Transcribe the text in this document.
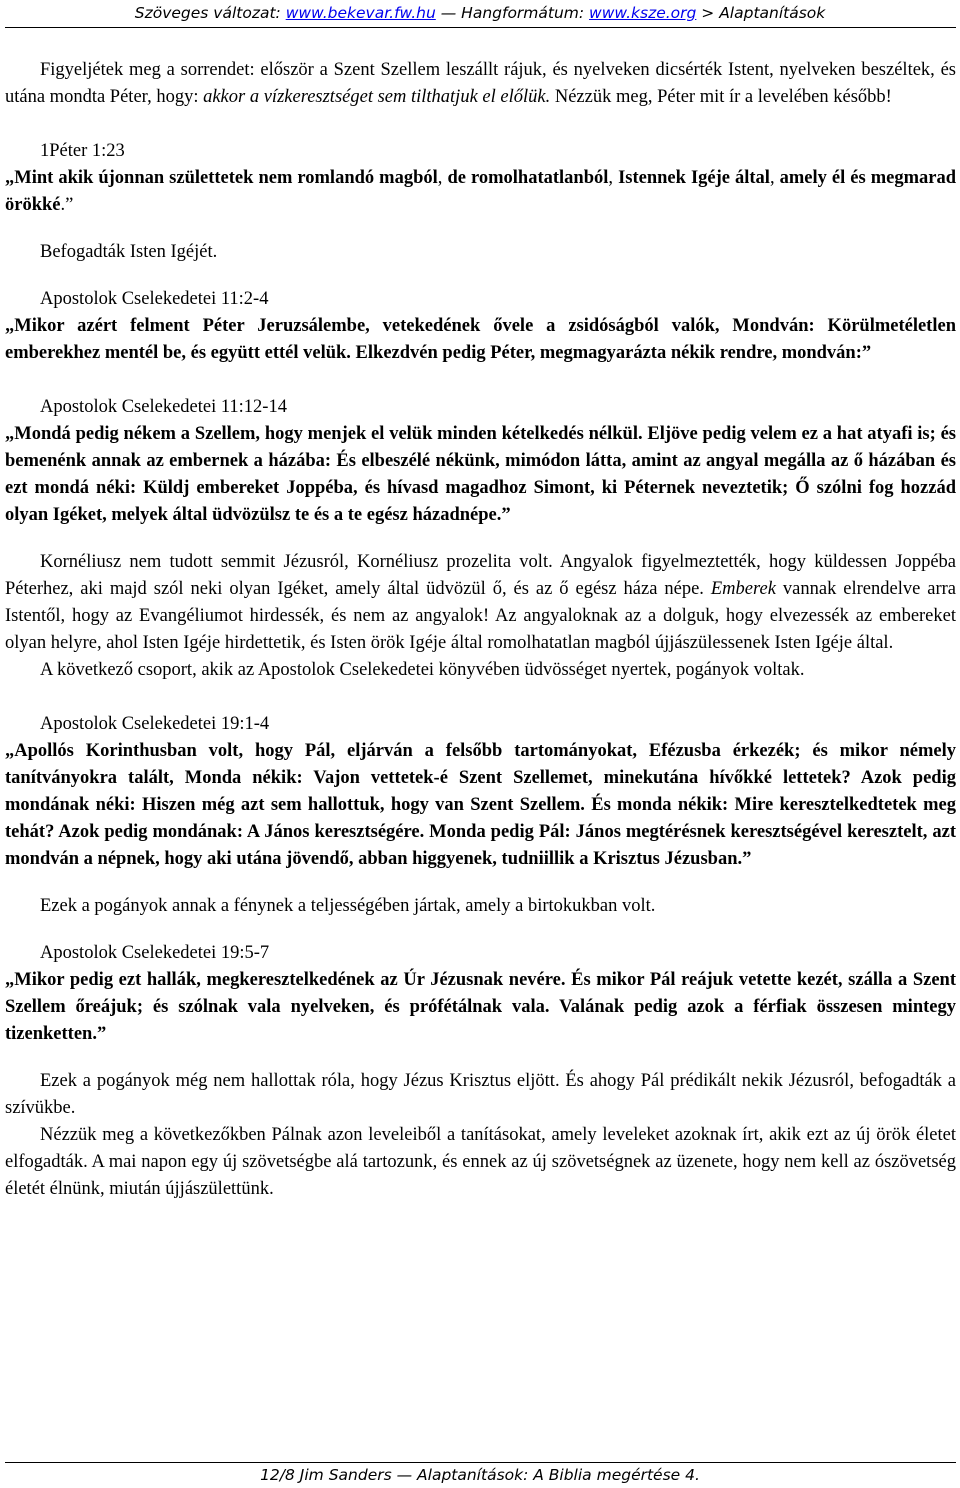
Szöveges változat: www.bekevar.fw.hu — Hangformátum: www.ksze.org > Alaptanítások

Figyeljétek meg a sorrendet: először a Szent Szellem leszállt rájuk, és nyelveken dicsérték Istent, nyelveken beszéltek, és utána mondta Péter, hogy: akkor a vízkeresztséget sem tilthatjuk el előlük. Nézzük meg, Péter mit ír a levelében később!

1Péter 1:23

„Mint akik újonnan születtetek nem romlandó magból, de romolhatatlanból, Istennek Igéje által, amely él és megmarad örökké.”

Befogadták Isten Igéjét.

Apostolok Cselekedetei 11:2-4

„Mikor azért felment Péter Jeruzsálembe, vetekedének ővele a zsidóságból valók, Mondván: Körülmetéletlen emberekhez mentél be, és együtt ettél velük. Elkezdvén pedig Péter, megmagyarázta nékik rendre, mondván:”

Apostolok Cselekedetei 11:12-14

„Mondá pedig nékem a Szellem, hogy menjek el velük minden kételkedés nélkül. Eljöve pedig velem ez a hat atyafi is; és bemenénk annak az embernek a házába: És elbeszélé nékünk, mimódon látta, amint az angyal megálla az ő házában és ezt mondá néki: Küldj embereket Joppéba, és hívasd magadhoz Simont, ki Péternek neveztetik; Ő szólni fog hozzád olyan Igéket, melyek által üdvözülsz te és a te egész házadnépe.”

Kornéliusz nem tudott semmit Jézusról, Kornéliusz prozelita volt. Angyalok figyelmeztették, hogy küldessen Joppéba Péterhez, aki majd szól neki olyan Igéket, amely által üdvözül ő, és az ő egész háza népe. Emberek vannak elrendelve arra Istentől, hogy az Evangéliumot hirdessék, és nem az angyalok! Az angyaloknak az a dolguk, hogy elvezessék az embereket olyan helyre, ahol Isten Igéje hirdettetik, és Isten örök Igéje által romolhatatlan magból újjászülessenek Isten Igéje által.

A következő csoport, akik az Apostolok Cselekedetei könyvében üdvösséget nyertek, pogányok voltak.

Apostolok Cselekedetei 19:1-4

„Apollós Korinthusban volt, hogy Pál, eljárván a felsőbb tartományokat, Efézusba érkezék; és mikor némely tanítványokra talált, Monda nékik: Vajon vettetek-é Szent Szellemet, minekutána hívőkké lettetek? Azok pedig mondának néki: Hiszen még azt sem hallottuk, hogy van Szent Szellem. És monda nékik: Mire keresztelkedtetek meg tehát? Azok pedig mondának: A János keresztségére. Monda pedig Pál: János megtérésnek keresztségével keresztelt, azt mondván a népnek, hogy aki utána jövendő, abban higgyenek, tudniillik a Krisztus Jézusban.”

Ezek a pogányok annak a fénynek a teljességében jártak, amely a birtokukban volt.

Apostolok Cselekedetei 19:5-7

„Mikor pedig ezt hallák, megkeresztelkedének az Úr Jézusnak nevére. És mikor Pál reájuk vetette kezét, szálla a Szent Szellem őreájuk; és szólnak vala nyelveken, és prófétálnak vala. Valának pedig azok a férfiak összesen mintegy tizenketten.”

Ezek a pogányok még nem hallottak róla, hogy Jézus Krisztus eljött. És ahogy Pál prédikált nekik Jézusról, befogadták a szívükbe.

Nézzük meg a következőkben Pálnak azon leveleiből a tanításokat, amely leveleket azoknak írt, akik ezt az új örök életet elfogadták. A mai napon egy új szövetségbe alá tartozunk, és ennek az új szövetségnek az üzenete, hogy nem kell az ószövetség életét élnünk, miután újjászülettünk.

12/8 Jim Sanders — Alaptanítások: A Biblia megértése 4.
